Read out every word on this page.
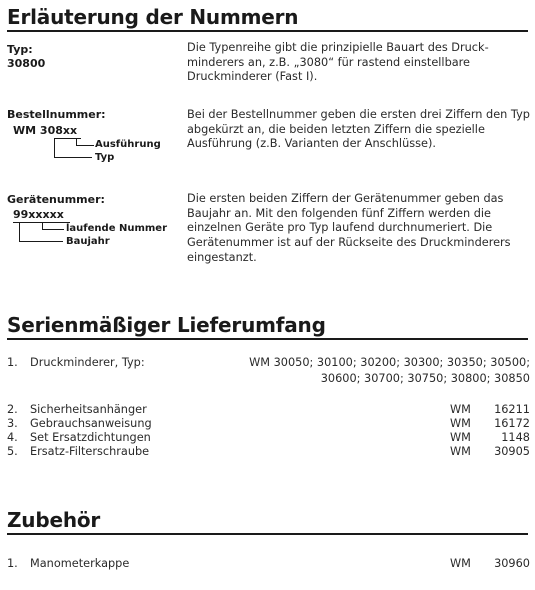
Erläuterung der Nummern
Typ:
30800
Die Typenreihe gibt die prinzipielle Bauart des Druckminderers an, z.B. „3080“ für rastend einstellbare Druckminderer (Fast I).
Bestellnummer:
WM 308xx
Ausführung
Typ
Bei der Bestellnummer geben die ersten drei Ziffern den Typ abgekürzt an, die beiden letzten Ziffern die spezielle Ausführung (z.B. Varianten der Anschlüsse).
Gerätenummer:
99xxxxx
laufende Nummer
Baujahr
Die ersten beiden Ziffern der Gerätenummer geben das Baujahr an. Mit den folgenden fünf Ziffern werden die einzelnen Geräte pro Typ laufend durchnumeriert. Die Gerätenummer ist auf der Rückseite des Druckminderers eingestanzt.
Serienmäßiger Lieferumfang
1. Druckminderer, Typ:	WM 30050; 30100; 30200; 30300; 30350; 30500;
30600; 30700; 30750; 30800; 30850
2. Sicherheitsanhänger	WM 16211
3. Gebrauchsanweisung	WM 16172
4. Set Ersatzdichtungen	WM	1148
5. Ersatz-Filterschraube	WM 30905
Zubehör
1. Manometerkappe	WM 30960
